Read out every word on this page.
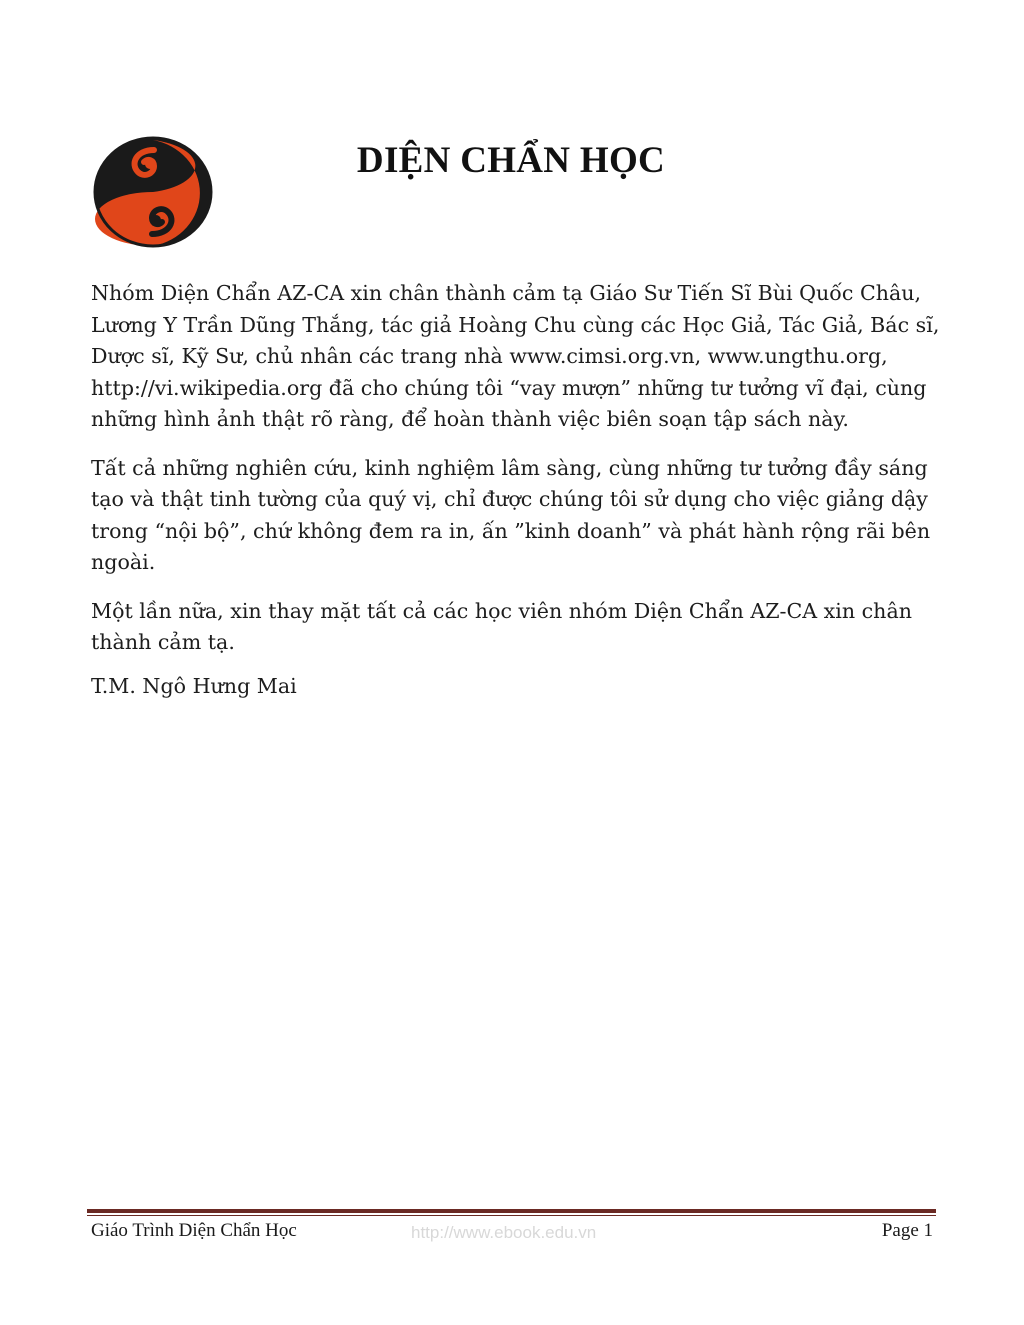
DIỆN CHẨN HỌC

Nhóm Diện Chẩn AZ-CA xin chân thành cảm tạ Giáo Sư Tiến Sĩ Bùi Quốc Châu, Lương Y Trần Dũng Thắng, tác giả Hoàng Chu cùng các Học Giả, Tác Giả, Bác sĩ, Dược sĩ, Kỹ Sư, chủ nhân các trang nhà www.cimsi.org.vn, www.ungthu.org, http://vi.wikipedia.org đã cho chúng tôi “vay mượn” những tư tưởng vĩ đại, cùng những hình ảnh thật rõ ràng, để hoàn thành việc biên soạn tập sách này.

Tất cả những nghiên cứu, kinh nghiệm lâm sàng, cùng những tư tưởng đầy sáng tạo và thật tinh tường của quý vị, chỉ được chúng tôi sử dụng cho việc giảng dậy trong “nội bộ”, chứ không đem ra in, ấn ”kinh doanh” và phát hành rộng rãi bên ngoài.

Một lần nữa, xin thay mặt tất cả các học viên nhóm Diện Chẩn AZ-CA xin chân thành cảm tạ.

T.M. Ngô Hưng Mai
Giáo Trình Diện Chẩn Học	http://www.ebook.edu.vn	Page 1
